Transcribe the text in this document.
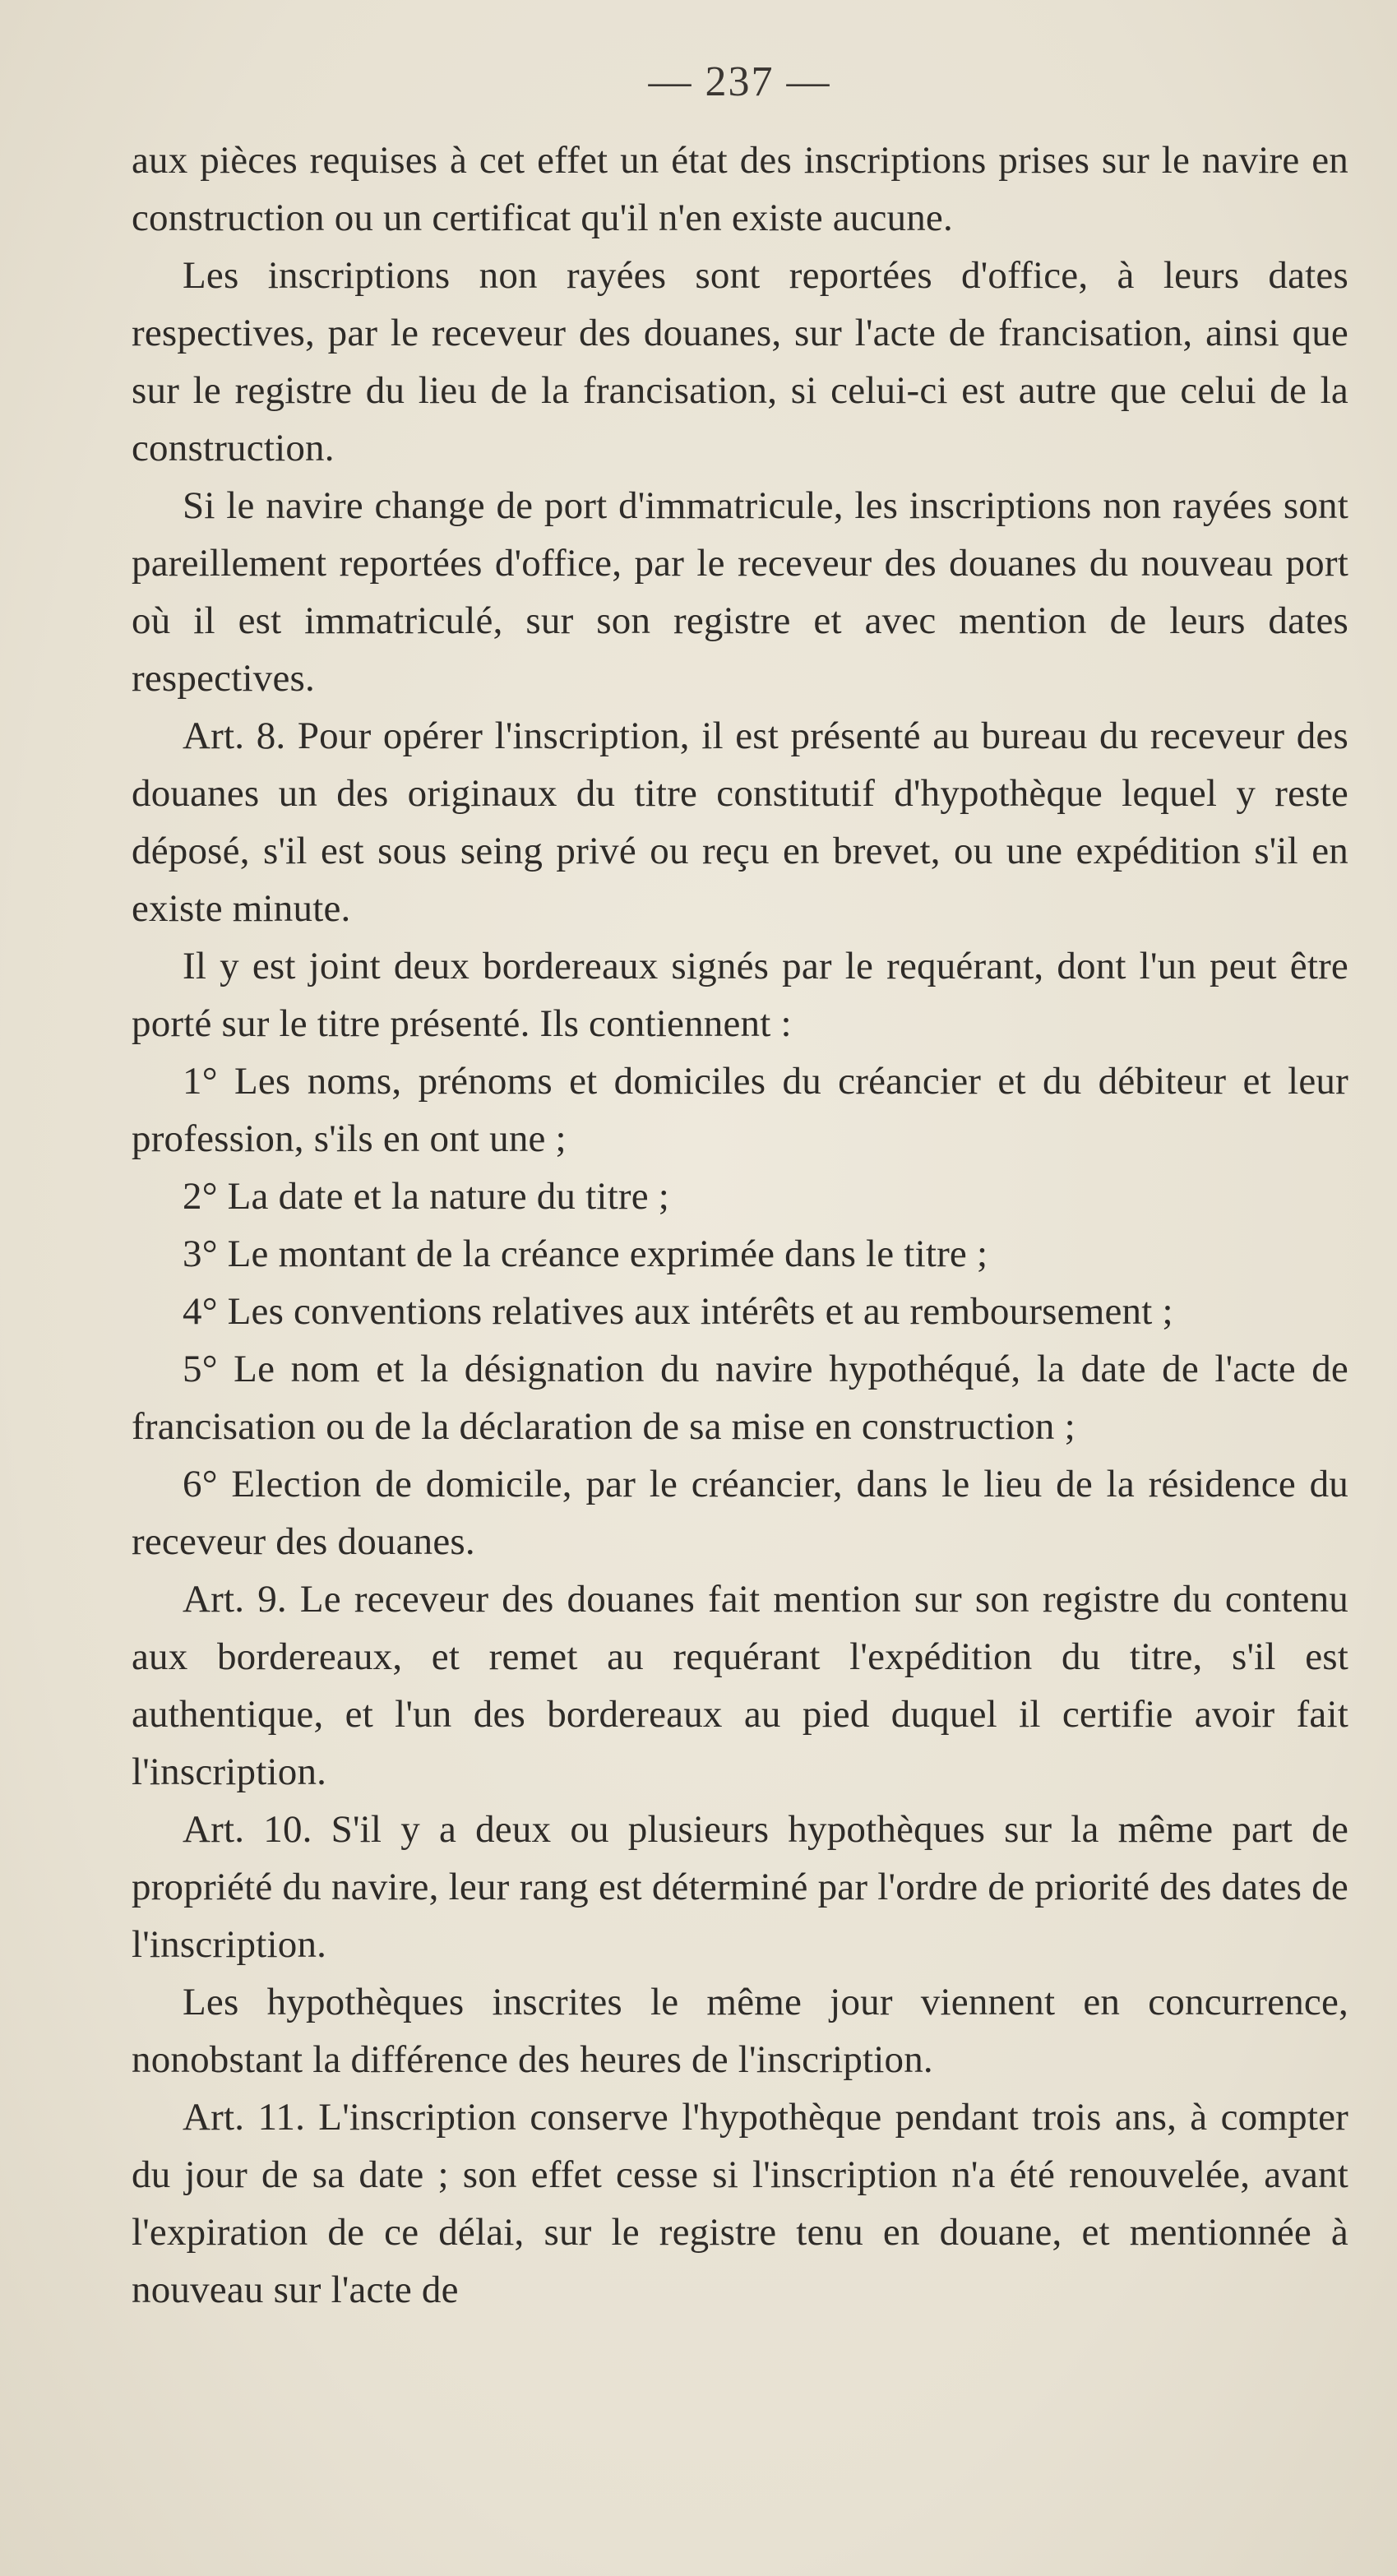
— 237 —

aux pièces requises à cet effet un état des inscriptions prises sur le navire en construction ou un certificat qu'il n'en existe aucune.

Les inscriptions non rayées sont reportées d'office, à leurs dates respectives, par le receveur des douanes, sur l'acte de francisation, ainsi que sur le registre du lieu de la francisation, si celui-ci est autre que celui de la construction.

Si le navire change de port d'immatricule, les inscriptions non rayées sont pareillement reportées d'office, par le receveur des douanes du nouveau port où il est immatriculé, sur son registre et avec mention de leurs dates respectives.

Art. 8. Pour opérer l'inscription, il est présenté au bureau du receveur des douanes un des originaux du titre constitutif d'hypothèque lequel y reste déposé, s'il est sous seing privé ou reçu en brevet, ou une expédition s'il en existe minute.

Il y est joint deux bordereaux signés par le requérant, dont l'un peut être porté sur le titre présenté. Ils contiennent :

1° Les noms, prénoms et domiciles du créancier et du débiteur et leur profession, s'ils en ont une ;

2° La date et la nature du titre ;

3° Le montant de la créance exprimée dans le titre ;

4° Les conventions relatives aux intérêts et au remboursement ;

5° Le nom et la désignation du navire hypothéqué, la date de l'acte de francisation ou de la déclaration de sa mise en construction ;

6° Election de domicile, par le créancier, dans le lieu de la résidence du receveur des douanes.

Art. 9. Le receveur des douanes fait mention sur son registre du contenu aux bordereaux, et remet au requérant l'expédition du titre, s'il est authentique, et l'un des bordereaux au pied duquel il certifie avoir fait l'inscription.

Art. 10. S'il y a deux ou plusieurs hypothèques sur la même part de propriété du navire, leur rang est déterminé par l'ordre de priorité des dates de l'inscription.

Les hypothèques inscrites le même jour viennent en concurrence, nonobstant la différence des heures de l'inscription.

Art. 11. L'inscription conserve l'hypothèque pendant trois ans, à compter du jour de sa date ; son effet cesse si l'inscription n'a été renouvelée, avant l'expiration de ce délai, sur le registre tenu en douane, et mentionnée à nouveau sur l'acte de
